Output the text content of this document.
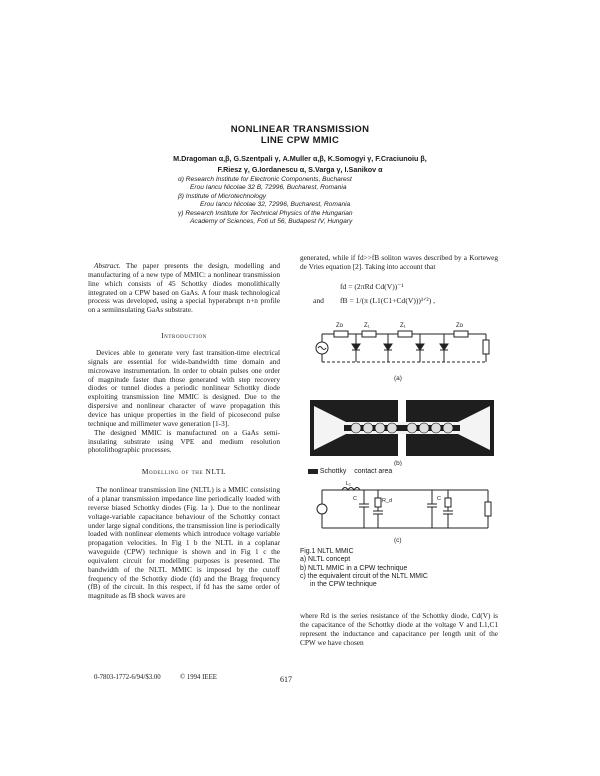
NONLINEAR TRANSMISSION
LINE CPW MMIC
M.Dragoman α,β, G.Szentpali γ, A.Muller α,β, K.Somogyi γ, F.Craciunoiu β,
F.Riesz γ, G.Iordanescu α, S.Varga γ, I.Sanikov α
α) Research Institute for Electronic Components, Bucharest
Erou Iancu Nicolae 32 B, 72996, Bucharest, Romania
β) Institute of Microtechnology
Erou Iancu Nicolae 32, 72996, Bucharest, Romania
γ) Research Institute for Technical Physics of the Hungarian
Academy of Sciences, Foti ut 56, Budapest IV, Hungary

Abstract. The paper presents the design, modelling and manufacturing of a new type of MMIC: a nonlinear transmission line which consists of 45 Schottky diodes monolithically integrated on a CPW based on GaAs. A four mask technological process was developed, using a special hyperabrupt n+n profile on a semiinsulating GaAs substrate.

Introduction

Devices able to generate very fast transition-time electrical signals are essential for wide-bandwidth time domain and microwave instrumentation. In order to obtain pulses one order of magnitude faster than those generated with step recovery diodes or tunnel diodes a periodic nonlinear Schottky diode exploiting transmission line MMIC is designed. Due to the dispersive and nonlinear character of wave propagation this device has unique properties in the field of picosecond pulse technique and millimeter wave generation [1-3].

The designed MMIC is manufactured on a GaAs semi-insulating substrate using VPE and medium resolution photolithographic processes.

Modelling of the NLTL

The nonlinear transmission line (NLTL) is a MMIC consisting of a planar transmission impedance line periodically loaded with reverse biased Schottky diodes (Fig. 1a ). Due to the nonlinear voltage-variable capacitance behaviour of the Schottky contact under large signal conditions, the transmission line is periodically loaded with nonlinear elements which introduce voltage variable propagation velocities. In Fig 1 b the NLTL in a coplanar waveguide (CPW) technique is shown and in Fig 1 c the equivalent circuit for modelling purposes is presented. The bandwidth of the NLTL MMIC is imposed by the cutoff frequency of the Schottky diode (fd) and the Bragg frequency (fB) of the circuit. In this respect, if fd has the same order of magnitude as fB shock waves are

generated, while if fd>>fB soliton waves described by a Korteweg de Vries equation [2]. Taking into account that
fd = (2πRd Cd(V))⁻¹
and fB = 1/(π (L1(C1+Cd(V)))¹ᐟ²) ,
Zo	Z₁	Z₁	Zo
(a)
(b)
Schottky contact area
L₁
C	R_d	C
(c)
Fig.1 NLTL MMIC
a) NLTL concept
b) NLTL MMIC in a CPW technique
c) the equivalent circuit of the NLTL MMIC
in the CPW technique
where Rd is the series resistance of the Schottky diode, Cd(V) is the capacitance of the Schottky diode at the voltage V and L1,C1 represent the inductance and capacitance per length unit of the CPW we have chosen
0-7803-1772-6/94/$3.00	© 1994 IEEE	617
